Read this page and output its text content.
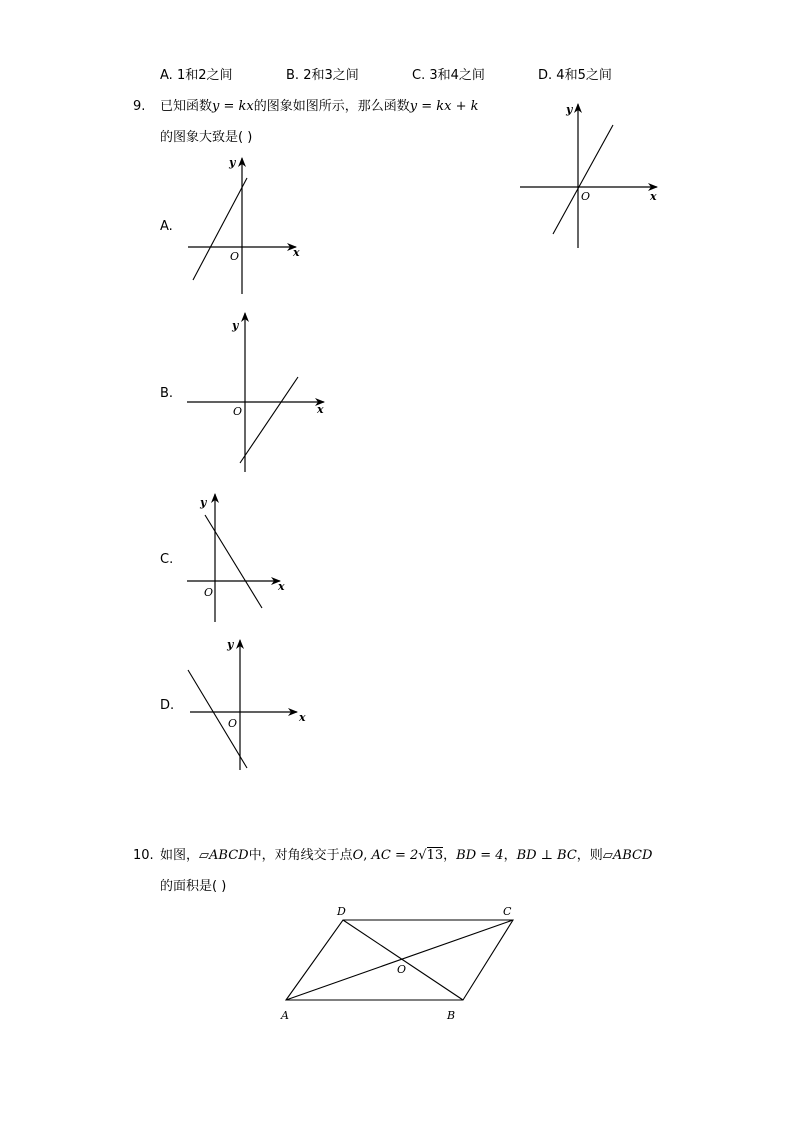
A. 1和2之间	B. 2和3之间	C. 3和4之间	D. 4和5之间
9. 已知函数y = kx的图象如图所示，那么函数y = kx + k
的图象大致是( )
A.
B.
C.
D.
y
x
O
y
x
O
y
x
O
y
x
O
y
x
O
A	B
C
D
O
10. 如图，▱ABCD中，对角线交于点O, AC = 2√13，BD = 4，BD ⊥ BC，则▱ABCD
的面积是( )
